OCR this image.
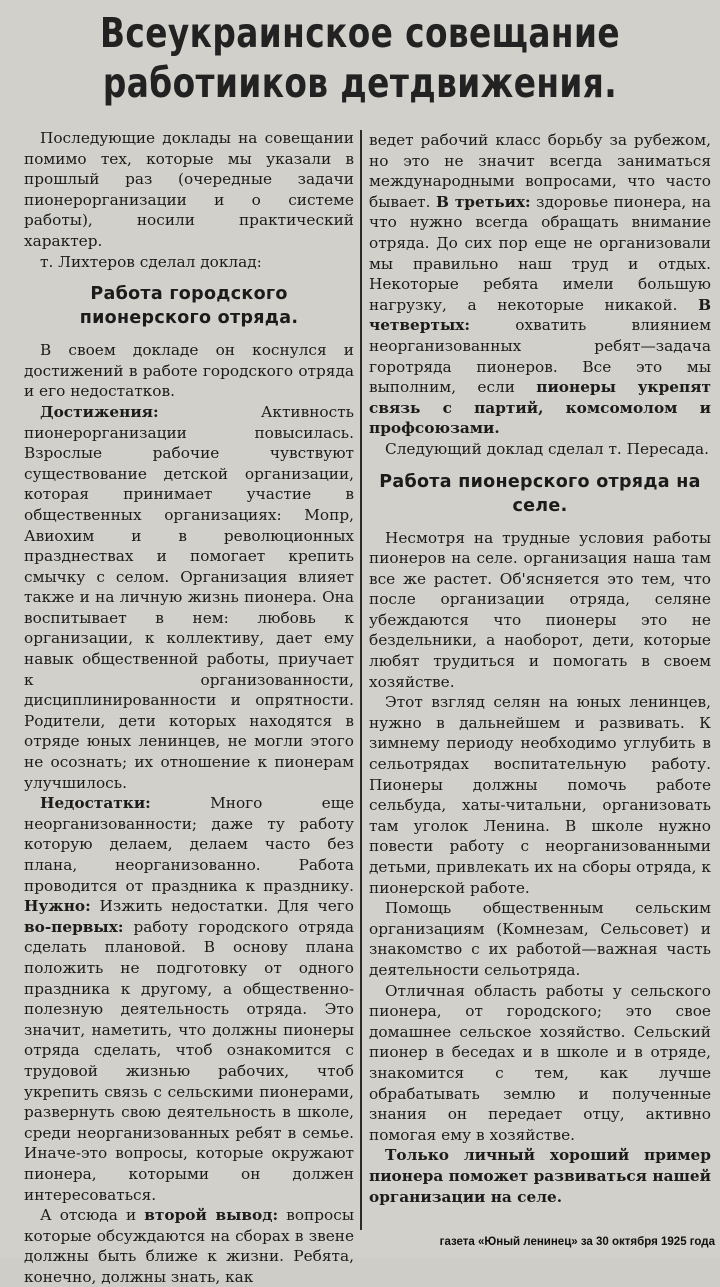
Всеукраинское совещание работииков детдвижения.

Последующие доклады на совещании помимо тех, которые мы указали в прошлый раз (очередные задачи пионерорганизации и о системе работы), носили практический характер.

т. Лихтеров сделал доклад:

Работа городского пионерского отряда.

В своем докладе он коснулся и достижений в работе городского отряда и его недостатков.

Достижения: Активность пионерорганизации повысилась. Взрослые рабочие чувствуют существование детской организации, которая принимает участие в общественных организациях: Мопр, Авиохим и в революционных празднествах и помогает крепить смычку с селом. Организация влияет также и на личную жизнь пионера. Она воспитывает в нем: любовь к организации, к коллективу, дает ему навык общественной работы, приучает к организованности, дисциплинированности и опрятности. Родители, дети которых находятся в отряде юных ленинцев, не могли этого не осознать; их отношение к пионерам улучшилось.

Недостатки: Много еще неорганизованности; даже ту работу которую делаем, делаем часто без плана, неорганизованно. Работа проводится от праздника к празднику. Нужно: Изжить недостатки. Для чего во-первых: работу городского отряда сделать плановой. В основу плана положить не подготовку от одного праздника к другому, а общественно-полезную деятельность отряда. Это значит, наметить, что должны пионеры отряда сделать, чтоб ознакомится с трудовой жизнью рабочих, чтоб укрепить связь с сельскими пионерами, развернуть свою деятельность в школе, среди неорганизованных ребят в семье. Иначе-это вопросы, которые окружают пионера, которыми он должен интересоваться.

А отсюда и второй вывод: вопросы которые обсуждаются на сборах в звене должны быть ближе к жизни. Ребята, конечно, должны знать, как

ведет рабочий класс борьбу за рубежом, но это не значит всегда заниматься международными вопросами, что часто бывает. В третьих: здоровье пионера, на что нужно всегда обращать внимание отряда. До сих пор еще не организовали мы правильно наш труд и отдых. Некоторые ребята имели большую нагрузку, а некоторые никакой. В четвертых: охватить влиянием неорганизованных ребят—задача горотряда пионеров. Все это мы выполним, если пионеры укрепят связь с партий, комсомолом и профсоюзами.

Следующий доклад сделал т. Пересада.

Работа пионерского отряда на селе.

Несмотря на трудные условия работы пионеров на селе. организация наша там все же растет. Об'ясняется это тем, что после организации отряда, селяне убеждаются что пионеры это не бездельники, а наоборот, дети, которые любят трудиться и помогать в своем хозяйстве.

Этот взгляд селян на юных ленинцев, нужно в дальнейшем и развивать. К зимнему периоду необходимо углубить в сельотрядах воспитательную работу. Пионеры должны помочь работе сельбуда, хаты-читальни, организовать там уголок Ленина. В школе нужно повести работу с неорганизованными детьми, привлекать их на сборы отряда, к пионерской работе.

Помощь общественным сельским организациям (Комнезам, Сельсовет) и знакомство с их работой—важная часть деятельности сельотряда.

Отличная область работы у сельского пионера, от городского; это свое домашнее сельское хозяйство. Сельский пионер в беседах и в школе и в отряде, знакомится с тем, как лучше обрабатывать землю и полученные знания он передает отцу, активно помогая ему в хозяйстве.

Только личный хороший пример пионера поможет развиваться нашей организации на селе.

газета «Юный ленинец» за 30 октября 1925 года
